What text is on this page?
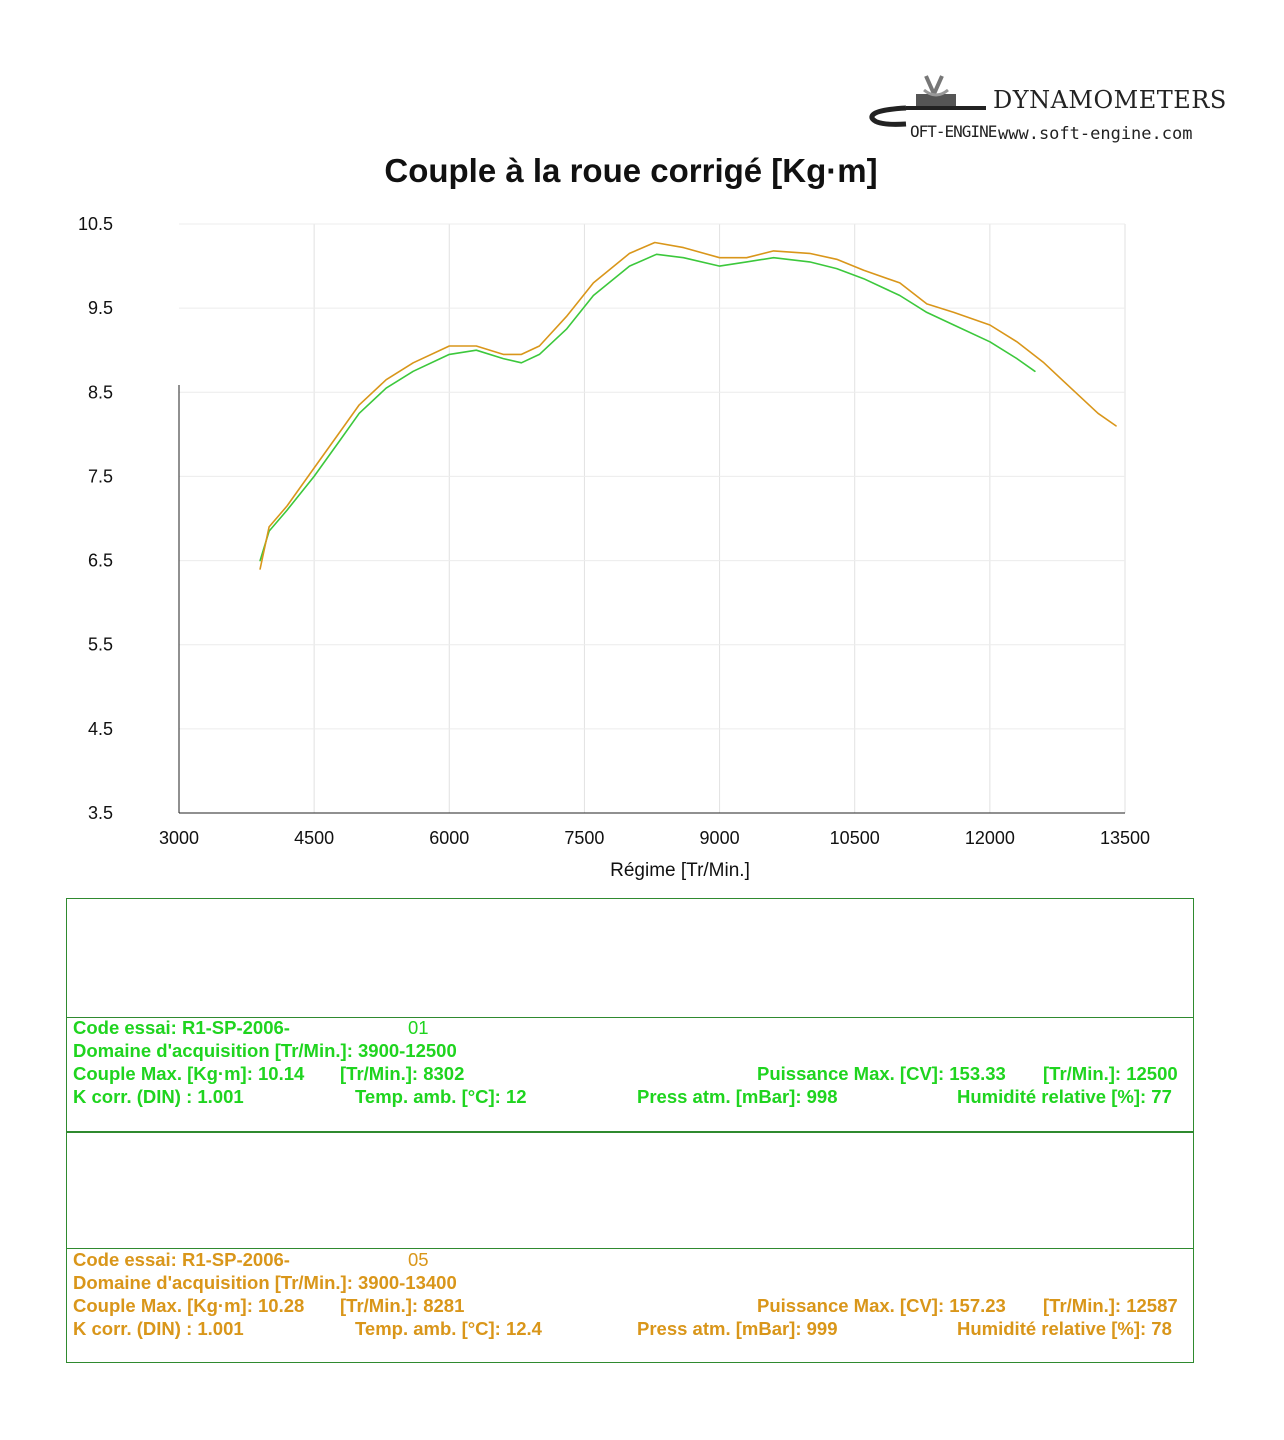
DYNAMOMETERS
OFT-ENGINE www.soft-engine.com
Couple à la roue corrigé [Kg·m]
3000	4500	6000	7500	9000	10500	12000	13500
10.5
9.5
8.5
7.5
6.5
5.5
4.5
3.5
Régime [Tr/Min.]
Code essai: R1-SP-2006-	01
Domaine d'acquisition [Tr/Min.]: 3900-12500
Couple Max. [Kg·m]: 10.14 [Tr/Min.]: 8302	Puissance Max. [CV]: 153.33 [Tr/Min.]: 12500
K corr. (DIN) : 1.001	Temp. amb. [°C]: 12	Press atm. [mBar]: 998	Humidité relative [%]: 77
Code essai: R1-SP-2006-	05
Domaine d'acquisition [Tr/Min.]: 3900-13400
Couple Max. [Kg·m]: 10.28 [Tr/Min.]: 8281	Puissance Max. [CV]: 157.23 [Tr/Min.]: 12587
K corr. (DIN) : 1.001	Temp. amb. [°C]: 12.4	Press atm. [mBar]: 999	Humidité relative [%]: 78
